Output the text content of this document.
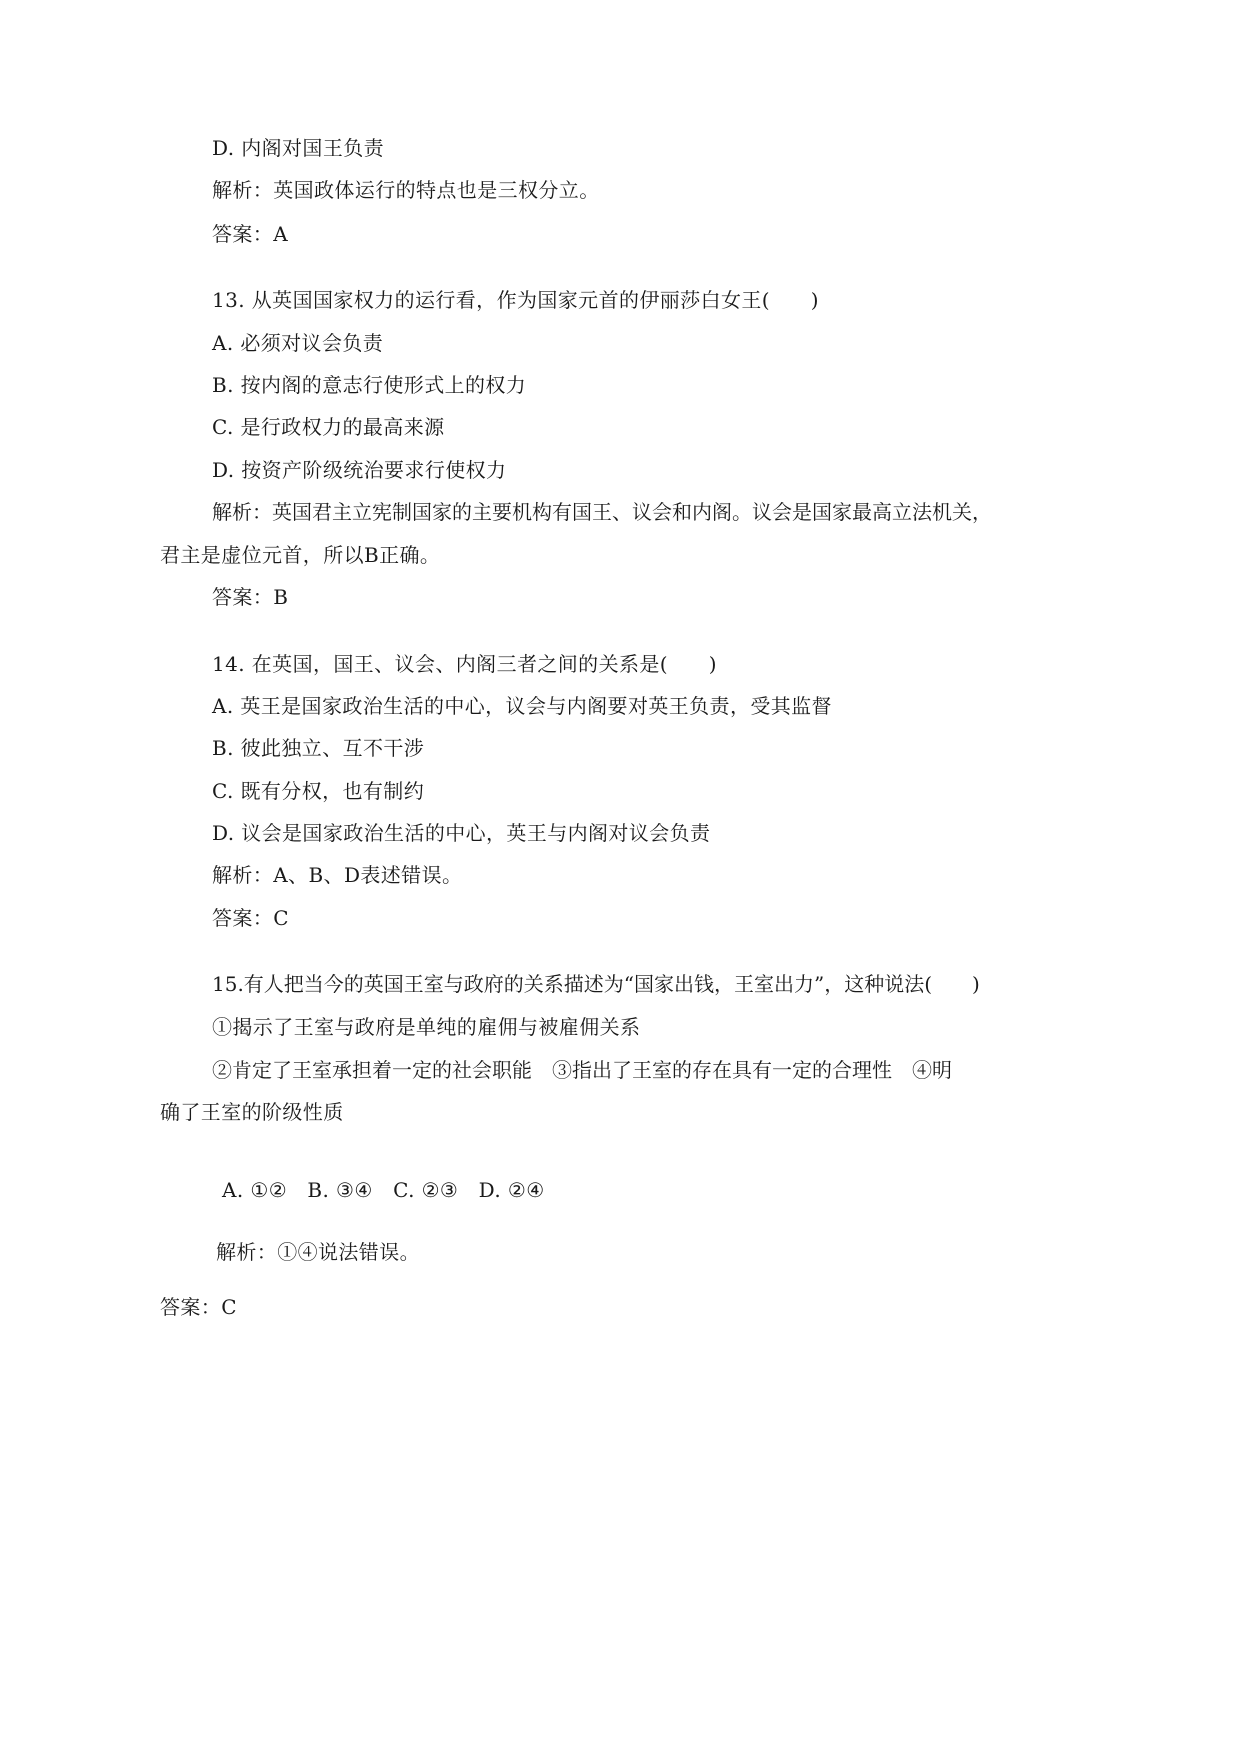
D. 内阁对国王负责

解析：英国政体运行的特点也是三权分立。

答案：A

13. 从英国国家权力的运行看，作为国家元首的伊丽莎白女王(　　)

A. 必须对议会负责

B. 按内阁的意志行使形式上的权力

C. 是行政权力的最高来源

D. 按资产阶级统治要求行使权力

解析：英国君主立宪制国家的主要机构有国王、议会和内阁。议会是国家最高立法机关，

君主是虚位元首，所以B正确。

答案：B

14. 在英国，国王、议会、内阁三者之间的关系是(　　)

A. 英王是国家政治生活的中心，议会与内阁要对英王负责，受其监督

B. 彼此独立、互不干涉

C. 既有分权，也有制约

D. 议会是国家政治生活的中心，英王与内阁对议会负责

解析：A、B、D表述错误。

答案：C

15.有人把当今的英国王室与政府的关系描述为“国家出钱，王室出力”，这种说法(　　)

①揭示了王室与政府是单纯的雇佣与被雇佣关系

②肯定了王室承担着一定的社会职能　③指出了王室的存在具有一定的合理性　④明

确了王室的阶级性质

A. ①②　B. ③④　C. ②③　D. ②④

解析：①④说法错误。

答案：C
